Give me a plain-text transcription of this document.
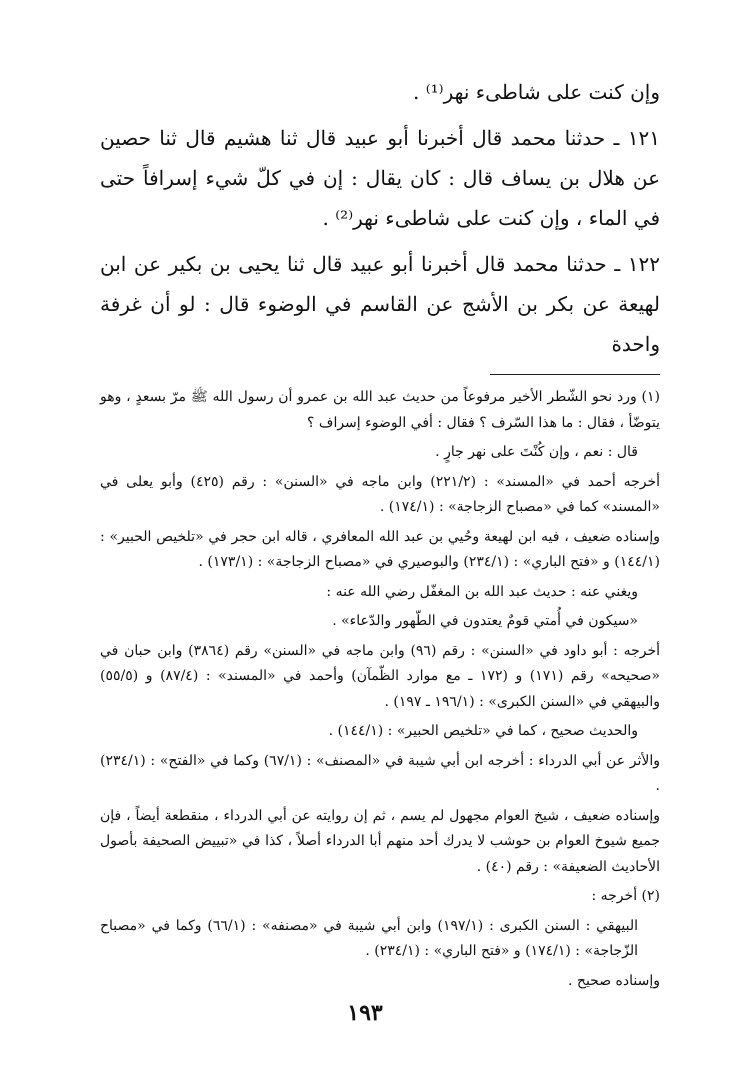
وإن كنت على شاطىء نهر⁽¹⁾ .

١٢١ ـ حدثنا محمد قال أخبرنا أبو عبيد قال ثنا هشيم قال ثنا حصين عن هلال بن يساف قال : كان يقال : إن في كلّ شيء إسرافاً حتى في الماء ، وإن كنت على شاطىء نهر⁽²⁾ .

١٢٢ ـ حدثنا محمد قال أخبرنا أبو عبيد قال ثنا يحيى بن بكير عن ابن لهيعة عن بكر بن الأشج عن القاسم في الوضوء قال : لو أن غرفة واحدة

(١) ورد نحو الشّطر الأخير مرفوعاً من حديث عبد الله بن عمرو أن رسول الله ﷺ مرّ بسعدٍ ، وهو يتوضّأ ، فقال : ما هذا السّرف ؟ فقال : أفي الوضوء إسراف ؟

قال : نعم ، وإن كُنْتَ على نهر جارٍ .

أخرجه أحمد في «المسند» : (٢٢١/٢) وابن ماجه في «السنن» : رقم (٤٢٥) وأبو يعلى في «المسند» كما في «مصباح الزجاجة» : (١٧٤/١) .

وإسناده ضعيف ، فيه ابن لهيعة وحُيي بن عبد الله المعافري ، قاله ابن حجر في «تلخيص الحبير» : (١٤٤/١) و «فتح الباري» : (٢٣٤/١) والبوصيري في «مصباح الزجاجة» : (١٧٣/١) .

ويغني عنه : حديث عبد الله بن المغفّل رضي الله عنه :

«سيكون في أُمتي قومٌ يعتدون في الطّهور والدّعاء» .

أخرجه : أبو داود في «السنن» : رقم (٩٦) وابن ماجه في «السنن» رقم (٣٨٦٤) وابن حبان في «صحيحه» رقم (١٧١) و (١٧٢ ـ مع موارد الظّمآن) وأحمد في «المسند» : (٨٧/٤) و (٥٥/٥) والبيهقي في «السنن الكبرى» : (١٩٦/١ ـ ١٩٧) .

والحديث صحيح ، كما في «تلخيص الحبير» : (١٤٤/١) .

والأثر عن أبي الدرداء : أخرجه ابن أبي شيبة في «المصنف» : (٦٧/١) وكما في «الفتح» : (٢٣٤/١) .

وإسناده ضعيف ، شيخ العوام مجهول لم يسم ، ثم إن روايته عن أبي الدرداء ، منقطعة أيضاً ، فإن جميع شيوخ العوام بن حوشب لا يدرك أحد منهم أبا الدرداء أصلاً ، كذا في «تبييض الصحيفة بأصول الأحاديث الضعيفة» : رقم (٤٠) .

(٢) أخرجه :

البيهقي : السنن الكبرى : (١٩٧/١) وابن أبي شيبة في «مصنفه» : (٦٦/١) وكما في «مصباح الزّجاجة» : (١٧٤/١) و «فتح الباري» : (٢٣٤/١) .

وإسناده صحيح .

١٩٣
